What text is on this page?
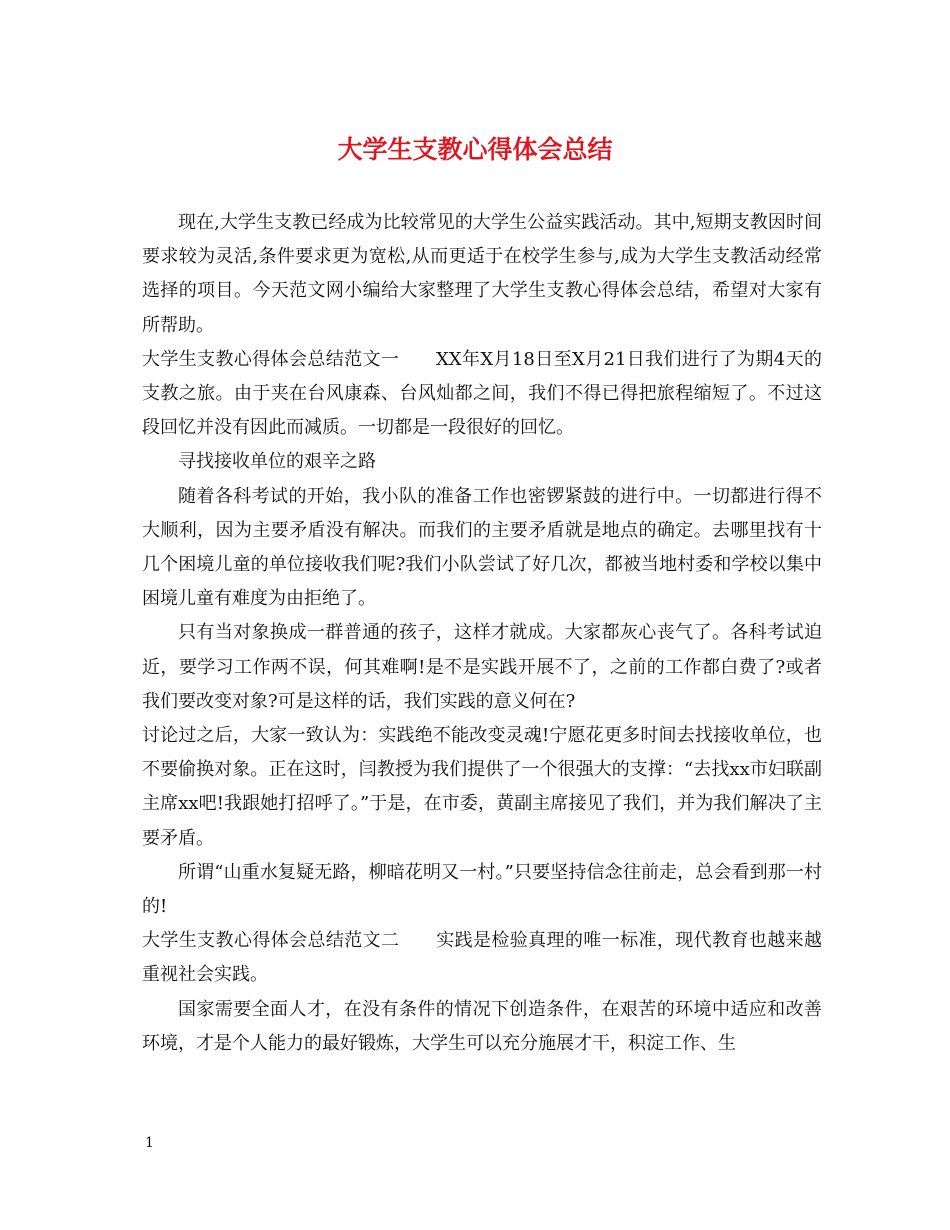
大学生支教心得体会总结

现在,大学生支教已经成为比较常见的大学生公益实践活动。其中,短期支教因时间要求较为灵活,条件要求更为宽松,从而更适于在校学生参与,成为大学生支教活动经常选择的项目。今天范文网小编给大家整理了大学生支教心得体会总结，希望对大家有所帮助。

大学生支教心得体会总结范文一　　XX年X月18日至X月21日我们进行了为期4天的支教之旅。由于夹在台风康森、台风灿都之间，我们不得已得把旅程缩短了。不过这段回忆并没有因此而减质。一切都是一段很好的回忆。

寻找接收单位的艰辛之路

随着各科考试的开始，我小队的准备工作也密锣紧鼓的进行中。一切都进行得不大顺利，因为主要矛盾没有解决。而我们的主要矛盾就是地点的确定。去哪里找有十几个困境儿童的单位接收我们呢?我们小队尝试了好几次，都被当地村委和学校以集中困境儿童有难度为由拒绝了。

只有当对象换成一群普通的孩子，这样才就成。大家都灰心丧气了。各科考试迫近，要学习工作两不误，何其难啊!是不是实践开展不了，之前的工作都白费了?或者我们要改变对象?可是这样的话，我们实践的意义何在?

讨论过之后，大家一致认为：实践绝不能改变灵魂!宁愿花更多时间去找接收单位，也不要偷换对象。正在这时，闫教授为我们提供了一个很强大的支撑：“去找xx市妇联副主席xx吧!我跟她打招呼了。”于是，在市委，黄副主席接见了我们，并为我们解决了主要矛盾。

所谓“山重水复疑无路，柳暗花明又一村。”只要坚持信念往前走，总会看到那一村的!

大学生支教心得体会总结范文二　　实践是检验真理的唯一标准，现代教育也越来越重视社会实践。

国家需要全面人才，在没有条件的情况下创造条件，在艰苦的环境中适应和改善环境，才是个人能力的最好锻炼，大学生可以充分施展才干，积淀工作、生

1
